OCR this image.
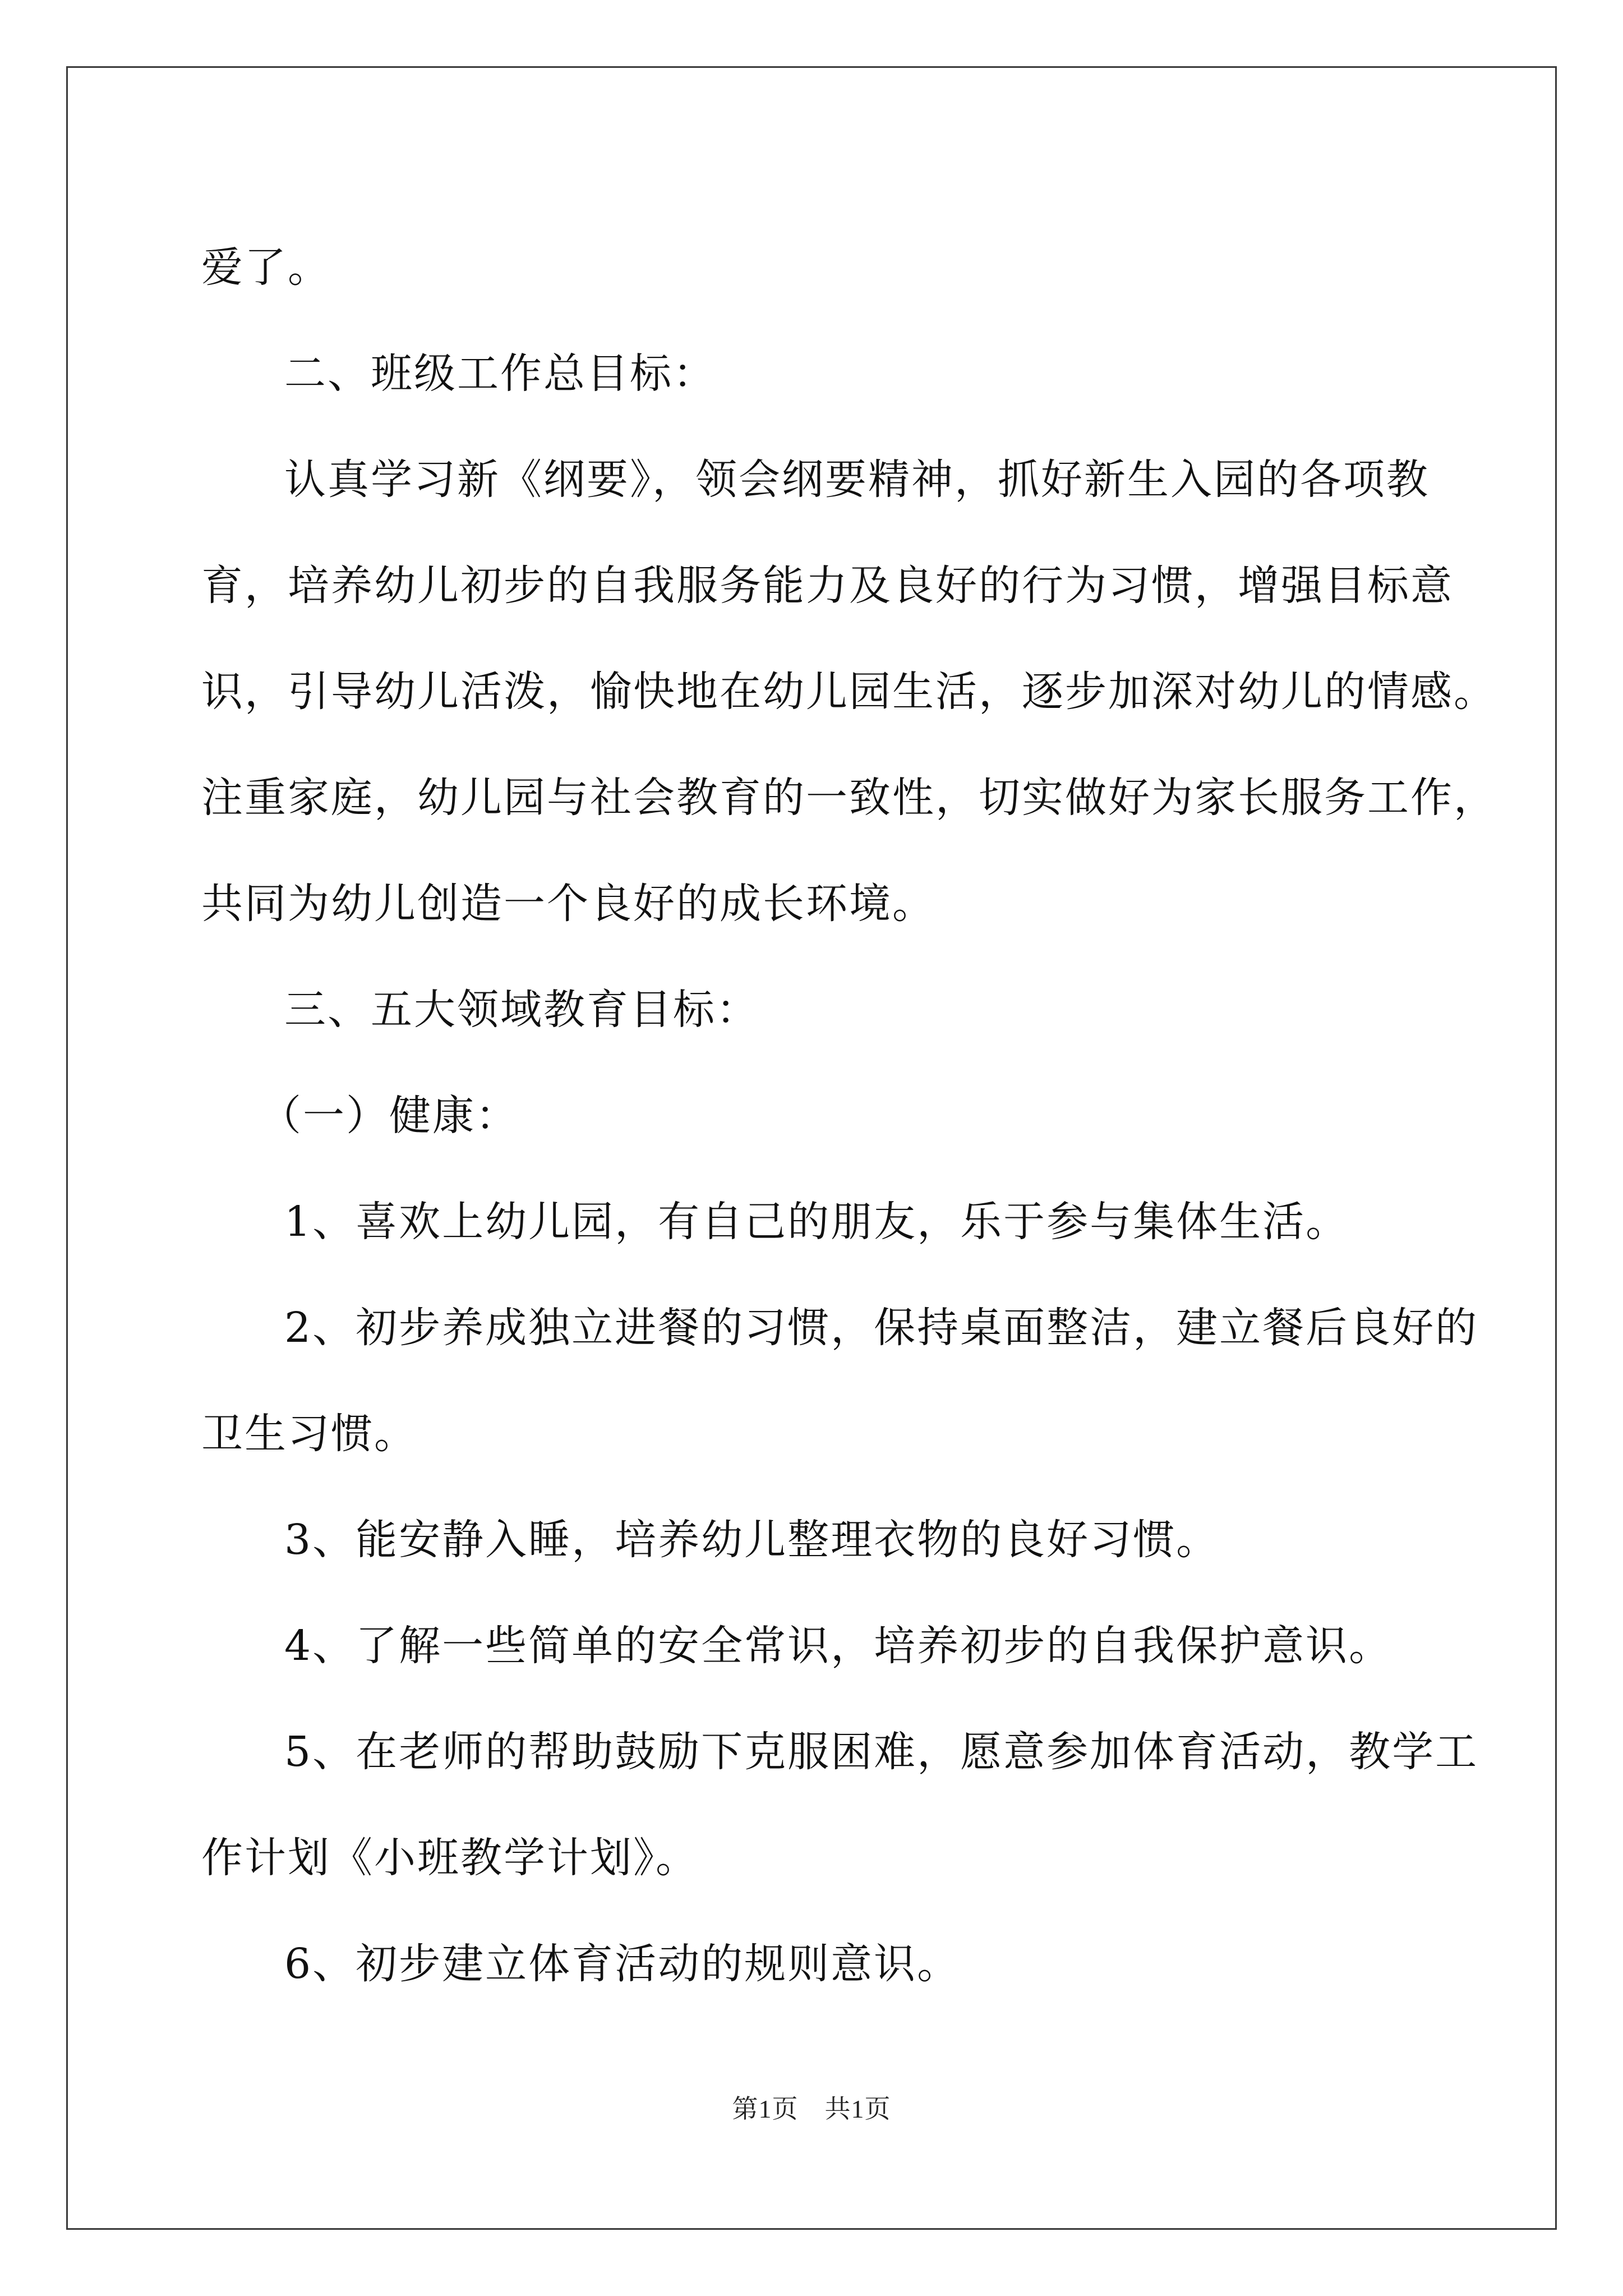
爱了。

二、班级工作总目标：

认真学习新《纲要》，领会纲要精神，抓好新生入园的各项教育，培养幼儿初步的自我服务能力及良好的行为习惯，增强目标意识，引导幼儿活泼，愉快地在幼儿园生活，逐步加深对幼儿的情感。注重家庭，幼儿园与社会教育的一致性，切实做好为家长服务工作，共同为幼儿创造一个良好的成长环境。

三、五大领域教育目标：

（一）健康：

1、喜欢上幼儿园，有自己的朋友，乐于参与集体生活。

2、初步养成独立进餐的习惯，保持桌面整洁，建立餐后良好的卫生习惯。

3、能安静入睡，培养幼儿整理衣物的良好习惯。

4、了解一些简单的安全常识，培养初步的自我保护意识。

5、在老师的帮助鼓励下克服困难，愿意参加体育活动，教学工作计划《小班教学计划》。

6、初步建立体育活动的规则意识。

第1页　共1页
